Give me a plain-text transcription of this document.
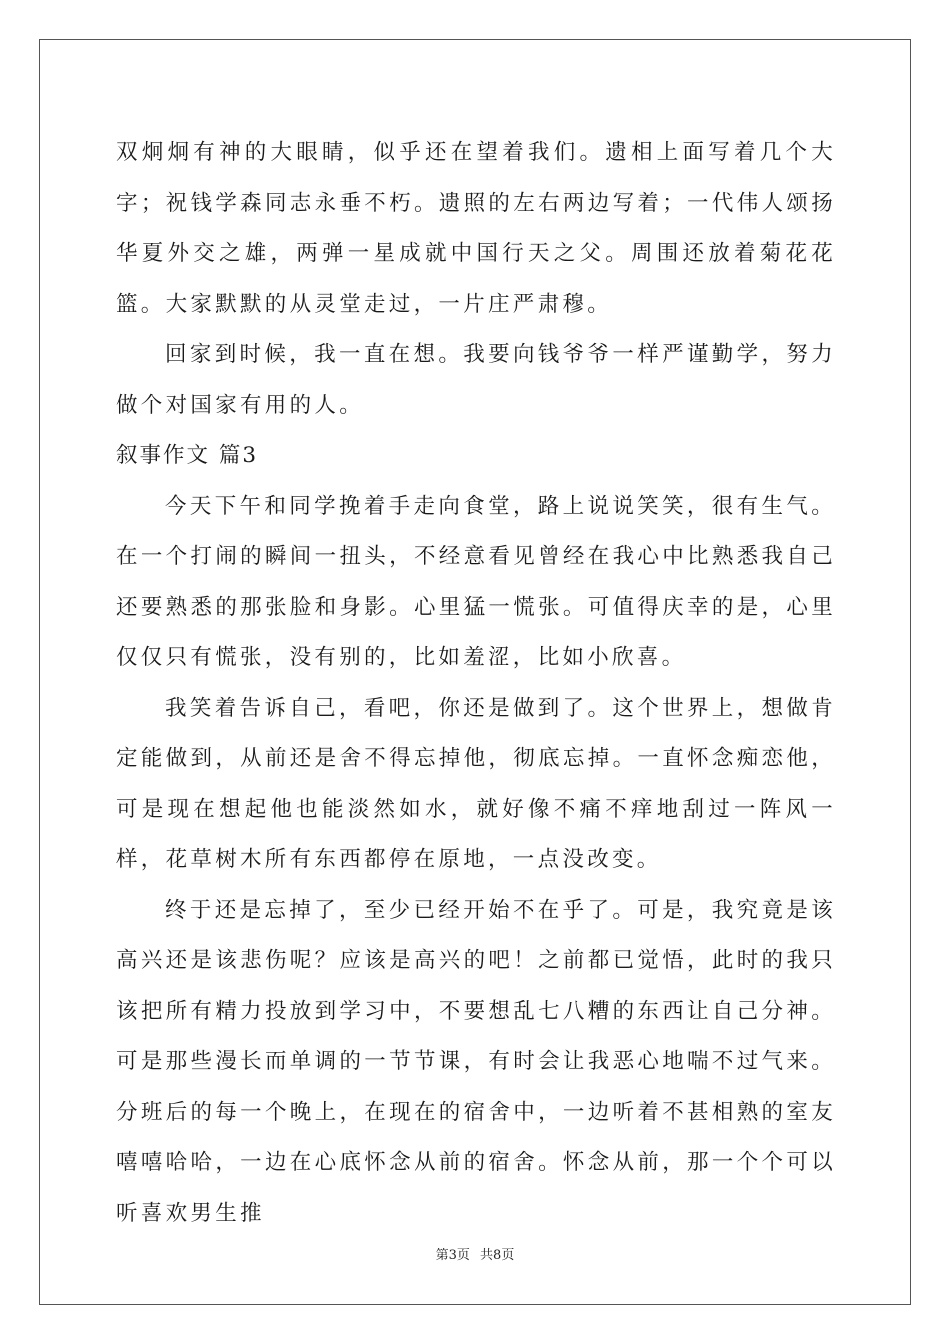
双炯炯有神的大眼睛，似乎还在望着我们。遗相上面写着几个大字；祝钱学森同志永垂不朽。遗照的左右两边写着；一代伟人颂扬华夏外交之雄，两弹一星成就中国行天之父。周围还放着菊花花篮。大家默默的从灵堂走过，一片庄严肃穆。

回家到时候，我一直在想。我要向钱爷爷一样严谨勤学，努力做个对国家有用的人。

叙事作文 篇3

今天下午和同学挽着手走向食堂，路上说说笑笑，很有生气。在一个打闹的瞬间一扭头，不经意看见曾经在我心中比熟悉我自己还要熟悉的那张脸和身影。心里猛一慌张。可值得庆幸的是，心里仅仅只有慌张，没有别的，比如羞涩，比如小欣喜。

我笑着告诉自己，看吧，你还是做到了。这个世界上，想做肯定能做到，从前还是舍不得忘掉他，彻底忘掉。一直怀念痴恋他，可是现在想起他也能淡然如水，就好像不痛不痒地刮过一阵风一样，花草树木所有东西都停在原地，一点没改变。

终于还是忘掉了，至少已经开始不在乎了。可是，我究竟是该高兴还是该悲伤呢？应该是高兴的吧！之前都已觉悟，此时的我只该把所有精力投放到学习中，不要想乱七八糟的东西让自己分神。可是那些漫长而单调的一节节课，有时会让我恶心地喘不过气来。分班后的每一个晚上，在现在的宿舍中，一边听着不甚相熟的室友嘻嘻哈哈，一边在心底怀念从前的宿舍。怀念从前，那一个个可以听喜欢男生推

第3页 共8页
